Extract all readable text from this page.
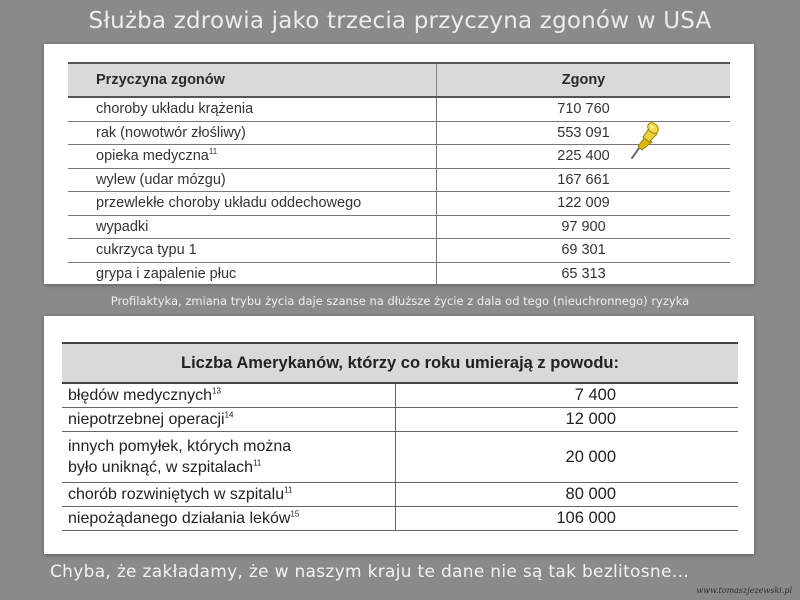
Służba zdrowia jako trzecia przyczyna zgonów w USA
Przyczyna zgonów	Zgony
choroby układu krążenia	710 760
rak (nowotwór złośliwy)	553 091
opieka medyczna$^{11}$	225 400
wylew (udar mózgu)	167 661
przewlekłe choroby układu oddechowego	122 009
wypadki	97 900
cukrzyca typu 1	69 301
grypa i zapalenie płuc	65 313
Profilaktyka, zmiana trybu życia daje szanse na dłuższe życie z dala od tego (nieuchronnego) ryzyka
Liczba Amerykanów, którzy co roku umierają z powodu:	
błędów medycznych$^{13}$	7 400
niepotrzebnej operacji$^{14}$	12 000
innych pomyłek, których można
było uniknąć, w szpitalach$^{11}$	20 000
chorób rozwiniętych w szpitalu$^{11}$	80 000
niepożądanego działania leków$^{15}$	106 000
Chyba, że zakładamy, że w naszym kraju te dane nie są tak bezlitosne…
www.tomaszjezewski.pl
